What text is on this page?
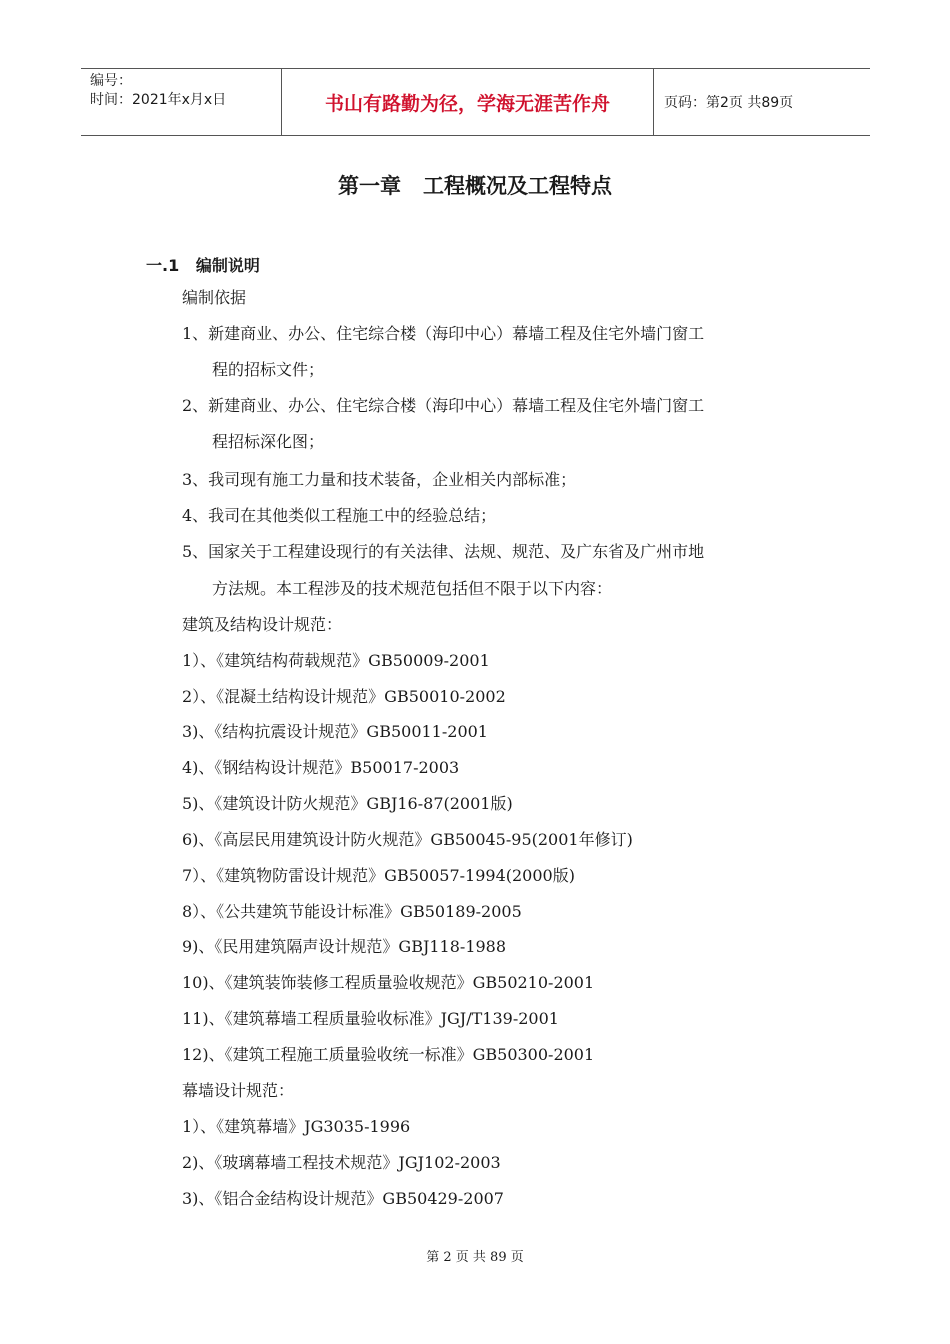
编号：
时间：2021年x月x日	书山有路勤为径，学海无涯苦作舟	页码：第2页 共89页
第一章   工程概况及工程特点
一.1   编制说明
编制依据
1、新建商业、办公、住宅综合楼（海印中心）幕墙工程及住宅外墙门窗工
程的招标文件；
2、新建商业、办公、住宅综合楼（海印中心）幕墙工程及住宅外墙门窗工
程招标深化图；
3、我司现有施工力量和技术装备，企业相关内部标准；
4、我司在其他类似工程施工中的经验总结；
5、国家关于工程建设现行的有关法律、法规、规范、及广东省及广州市地
方法规。本工程涉及的技术规范包括但不限于以下内容：
建筑及结构设计规范：
1）、《建筑结构荷载规范》GB50009-2001
2）、《混凝土结构设计规范》GB50010-2002
3)、《结构抗震设计规范》GB50011-2001
4)、《钢结构设计规范》B50017-2003
5)、《建筑设计防火规范》GBJ16-87(2001版)
6)、《高层民用建筑设计防火规范》GB50045-95(2001年修订)
7）、《建筑物防雷设计规范》GB50057-1994(2000版)
8）、《公共建筑节能设计标准》GB50189-2005
9)、《民用建筑隔声设计规范》GBJ118-1988
10)、《建筑装饰装修工程质量验收规范》GB50210-2001
11)、《建筑幕墙工程质量验收标准》JGJ/T139-2001
12)、《建筑工程施工质量验收统一标准》GB50300-2001
幕墙设计规范：
1）、《建筑幕墙》JG3035-1996
2)、《玻璃幕墙工程技术规范》JGJ102-2003
3)、《铝合金结构设计规范》GB50429-2007
第 2 页 共 89 页
